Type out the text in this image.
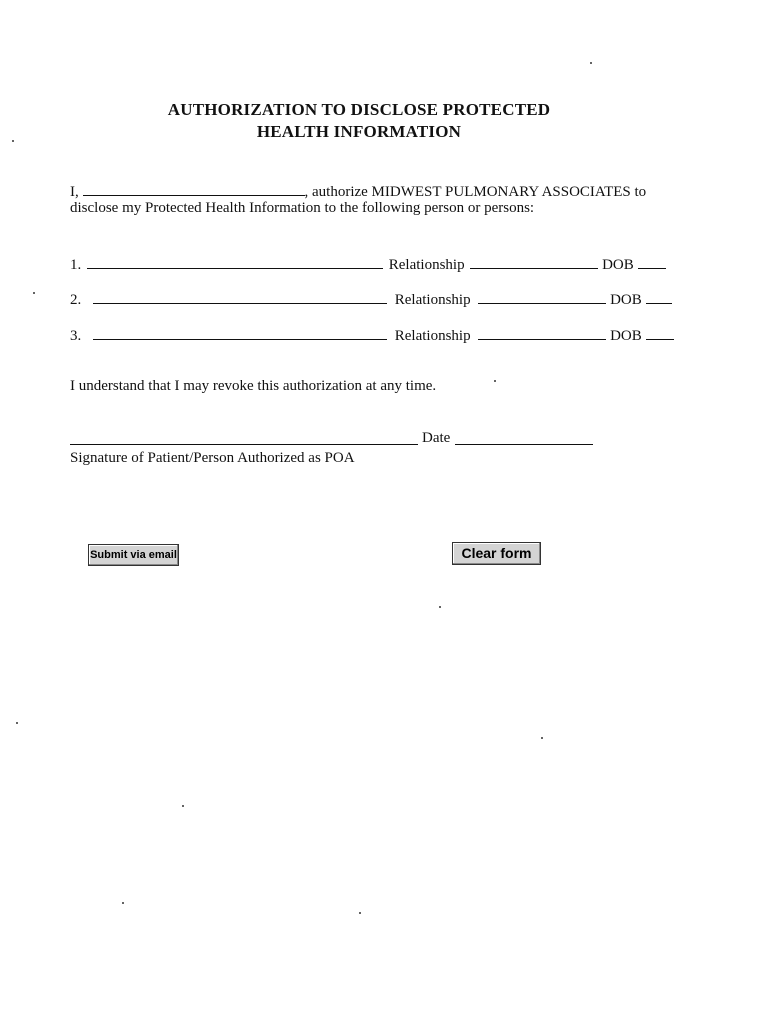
AUTHORIZATION TO DISCLOSE PROTECTED
HEALTH INFORMATION
I,	, authorize MIDWEST PULMONARY ASSOCIATES to
disclose my Protected Health Information to the following person or persons:
1.	Relationship	DOB
2.	Relationship	DOB
3.	Relationship	DOB
I understand that I may revoke this authorization at any time.
Date
Signature of Patient/Person Authorized as POA
Submit via email	Clear form
